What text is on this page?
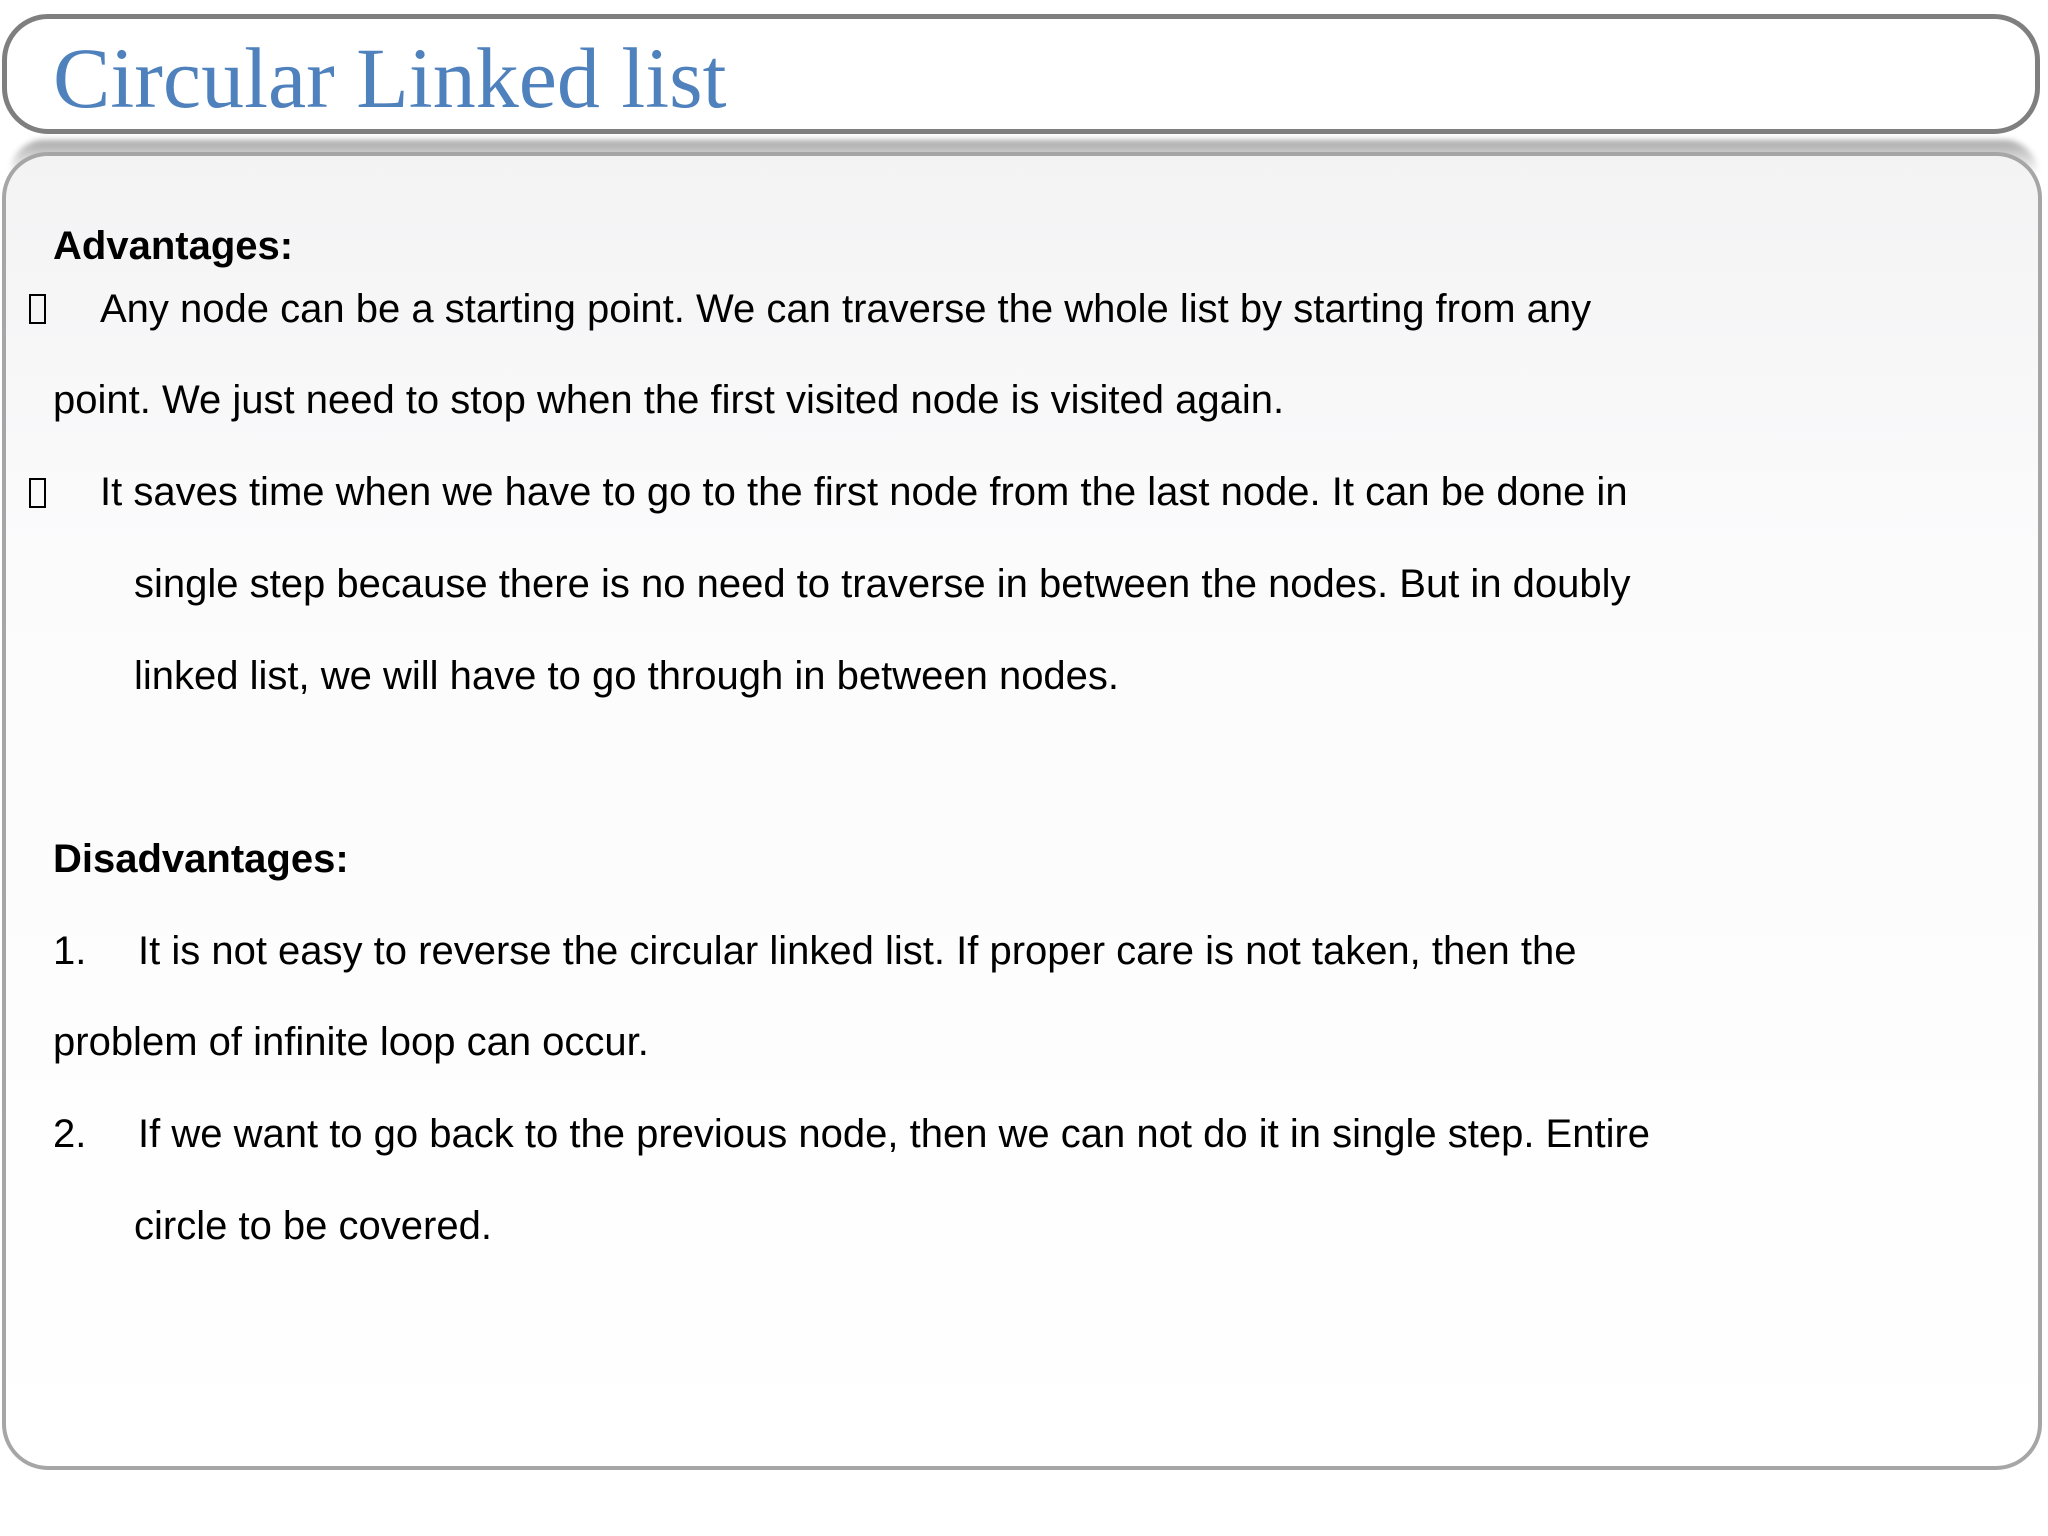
Circular Linked list
Advantages:
Any node can be a starting point. We can traverse the whole list by starting from any
point. We just need to stop when the first visited node is visited again.
It saves time when we have to go to the first node from the last node. It can be done in
single step because there is no need to traverse in between the nodes. But in doubly
linked list, we will have to go through in between nodes.
Disadvantages:
1. It is not easy to reverse the circular linked list. If proper care is not taken, then the
problem of infinite loop can occur.
2. If we want to go back to the previous node, then we can not do it in single step. Entire
circle to be covered.
